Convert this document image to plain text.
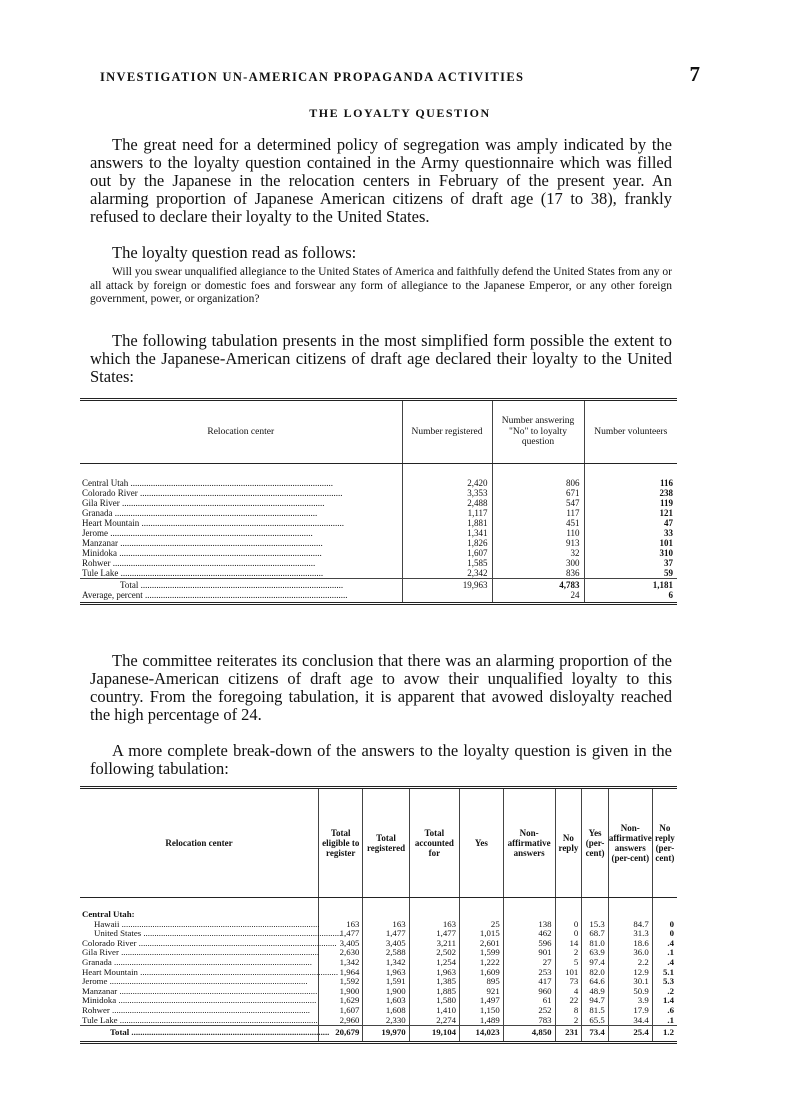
INVESTIGATION UN-AMERICAN PROPAGANDA ACTIVITIES	7
THE LOYALTY QUESTION

The great need for a determined policy of segregation was amply indicated by the answers to the loyalty question contained in the Army questionnaire which was filled out by the Japanese in the relocation centers in February of the present year. An alarming proportion of Japanese American citizens of draft age (17 to 38), frankly refused to declare their loyalty to the United States.

The loyalty question read as follows:

Will you swear unqualified allegiance to the United States of America and faithfully defend the United States from any or all attack by foreign or domestic foes and forswear any form of allegiance to the Japanese Emperor, or any other foreign government, power, or organization?

The following tabulation presents in the most simplified form possible the extent to which the Japanese-American citizens of draft age declared their loyalty to the United States:

Relocation center	Number registered	Number answering "No" to loyalty question	Number volunteers
Central Utah ..........................................................................................	2,420	806	116
Colorado River ..........................................................................................	3,353	671	238
Gila River ..........................................................................................	2,488	547	119
Granada ..........................................................................................	1,117	117	121
Heart Mountain ..........................................................................................	1,881	451	47
Jerome ..........................................................................................	1,341	110	33
Manzanar ..........................................................................................	1,826	913	101
Minidoka ..........................................................................................	1,607	32	310
Rohwer ..........................................................................................	1,585	300	37
Tule Lake ..........................................................................................	2,342	836	59
Total ..........................................................................................	19,963	4,783	1,181
Average, percent ..........................................................................................		24	6

The committee reiterates its conclusion that there was an alarming proportion of the Japanese-American citizens of draft age to avow their unqualified loyalty to this country. From the foregoing tabulation, it is apparent that avowed disloyalty reached the high percentage of 24.

A more complete break-down of the answers to the loyalty question is given in the following tabulation:

Relocation center	Total eligible to register	Total registered	Total accounted for	Yes	Non-affirmative answers	No reply	Yes (per-cent)	Non-affirmative answers (per-cent)	No reply (per-cent)
Central Utah:									
Hawaii ..........................................................................................	163	163	163	25	138	0	15.3	84.7	0
United States ..........................................................................................	1,477	1,477	1,477	1,015	462	0	68.7	31.3	0
Colorado River ..........................................................................................	3,405	3,405	3,211	2,601	596	14	81.0	18.6	.4
Gila River ..........................................................................................	2,630	2,588	2,502	1,599	901	2	63.9	36.0	.1
Granada ..........................................................................................	1,342	1,342	1,254	1,222	27	5	97.4	2.2	.4
Heart Mountain ..........................................................................................	1,964	1,963	1,963	1,609	253	101	82.0	12.9	5.1
Jerome ..........................................................................................	1,592	1,591	1,385	895	417	73	64.6	30.1	5.3
Manzanar ..........................................................................................	1,900	1,900	1,885	921	960	4	48.9	50.9	.2
Minidoka ..........................................................................................	1,629	1,603	1,580	1,497	61	22	94.7	3.9	1.4
Rohwer ..........................................................................................	1,607	1,608	1,410	1,150	252	8	81.5	17.9	.6
Tule Lake ..........................................................................................	2,960	2,330	2,274	1,489	783	2	65.5	34.4	.1
Total ..........................................................................................	20,679	19,970	19,104	14,023	4,850	231	73.4	25.4	1.2
